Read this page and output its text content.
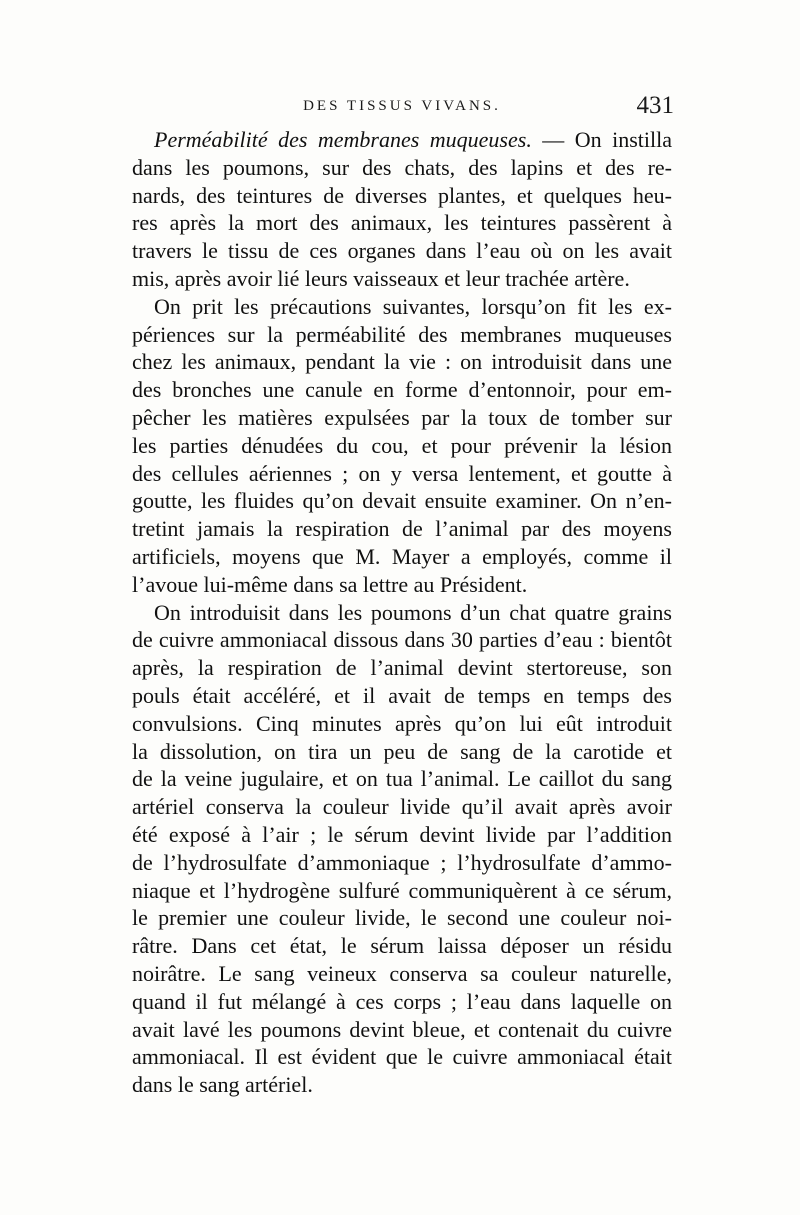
DES TISSUS VIVANS.	431
Perméabilité des membranes muqueuses. — On instilla
dans les poumons, sur des chats, des lapins et des re-
nards, des teintures de diverses plantes, et quelques heu-
res après la mort des animaux, les teintures passèrent à
travers le tissu de ces organes dans l’eau où on les avait
mis, après avoir lié leurs vaisseaux et leur trachée artère.
On prit les précautions suivantes, lorsqu’on fit les ex-
périences sur la perméabilité des membranes muqueuses
chez les animaux, pendant la vie : on introduisit dans une
des bronches une canule en forme d’entonnoir, pour em-
pêcher les matières expulsées par la toux de tomber sur
les parties dénudées du cou, et pour prévenir la lésion
des cellules aériennes ; on y versa lentement, et goutte à
goutte, les fluides qu’on devait ensuite examiner. On n’en-
tretint jamais la respiration de l’animal par des moyens
artificiels, moyens que M. Mayer a employés, comme il
l’avoue lui-même dans sa lettre au Président.
On introduisit dans les poumons d’un chat quatre grains
de cuivre ammoniacal dissous dans 30 parties d’eau : bientôt
après, la respiration de l’animal devint stertoreuse, son
pouls était accéléré, et il avait de temps en temps des
convulsions. Cinq minutes après qu’on lui eût introduit
la dissolution, on tira un peu de sang de la carotide et
de la veine jugulaire, et on tua l’animal. Le caillot du sang
artériel conserva la couleur livide qu’il avait après avoir
été exposé à l’air ; le sérum devint livide par l’addition
de l’hydrosulfate d’ammoniaque ; l’hydrosulfate d’ammo-
niaque et l’hydrogène sulfuré communiquèrent à ce sérum,
le premier une couleur livide, le second une couleur noi-
râtre. Dans cet état, le sérum laissa déposer un résidu
noirâtre. Le sang veineux conserva sa couleur naturelle,
quand il fut mélangé à ces corps ; l’eau dans laquelle on
avait lavé les poumons devint bleue, et contenait du cuivre
ammoniacal. Il est évident que le cuivre ammoniacal était
dans le sang artériel.
